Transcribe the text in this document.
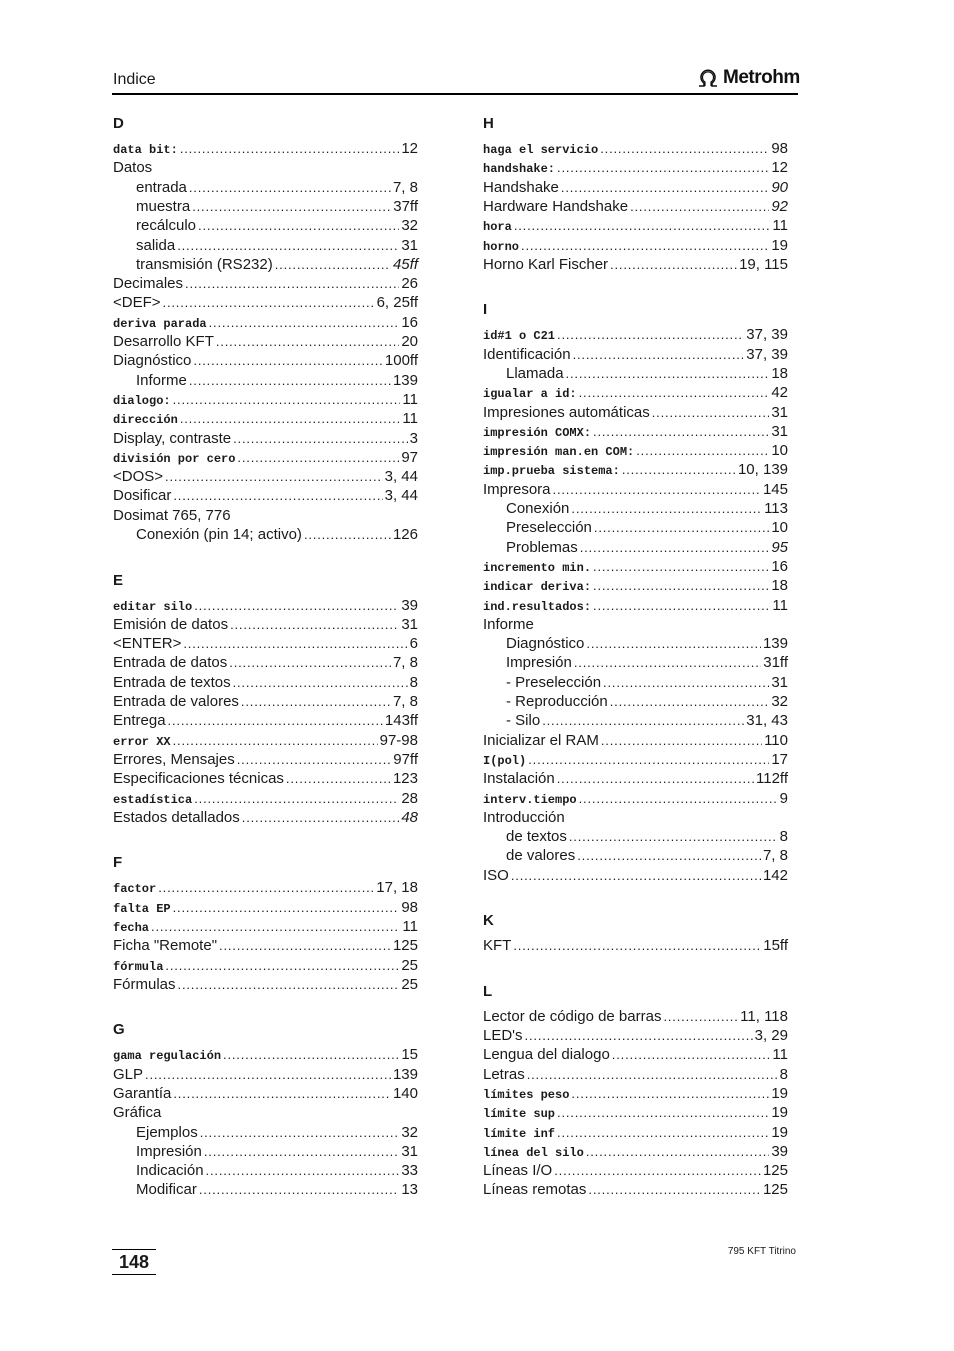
Indice	Metrohm
D
data bit: . . .	12
Datos
entrada . . .	7, 8
muestra . . .	37ff
recálculo . . .	32
salida . . .	31
transmisión (RS232) . . .	45ff
Decimales . . .	26
<DEF> . . .	6, 25ff
deriva parada . . .	16
Desarrollo KFT . . .	20
Diagnóstico . . .	100ff
Informe . . .	139
dialogo: . . .	11
dirección . . .	11
Display, contraste . . .	3
división por cero . . .	97
<DOS> . . .	3, 44
Dosificar . . .	3, 44
Dosimat 765, 776
Conexión (pin 14; activo) . . .	126
E
editar silo . . .	39
Emisión de datos . . .	31
<ENTER> . . .	6
Entrada de datos . . .	7, 8
Entrada de textos . . .	8
Entrada de valores . . .	7, 8
Entrega . . .	143ff
error XX . . .	97-98
Errores, Mensajes . . .	97ff
Especificaciones técnicas . . .	123
estadística . . .	28
Estados detallados . . .	48
F
factor . . .	17, 18
falta EP . . .	98
fecha . . .	11
Ficha "Remote" . . .	125
fórmula . . .	25
Fórmulas . . .	25
G
gama regulación . . .	15
GLP . . .	139
Garantía . . .	140
Gráfica
Ejemplos . . .	32
Impresión . . .	31
Indicación . . .	33
Modificar . . .	13
H
haga el servicio . . .	98
handshake: . . .	12
Handshake . . .	90
Hardware Handshake . . .	92
hora . . .	11
horno . . .	19
Horno Karl Fischer . . .	19, 115
I
id#1 o C21 . . .	37, 39
Identificación . . .	37, 39
Llamada . . .	18
igualar a id: . . .	42
Impresiones automáticas . . .	31
impresión COMX: . . .	31
impresión man.en COM: . . .	10
imp.prueba sistema: . . .	10, 139
Impresora . . .	145
Conexión . . .	113
Preselección . . .	10
Problemas . . .	95
incremento min. . . .	16
indicar deriva: . . .	18
ind.resultados: . . .	11
Informe
Diagnóstico . . .	139
Impresión . . .	31ff
- Preselección . . .	31
- Reproducción . . .	32
- Silo . . .	31, 43
Inicializar el RAM . . .	110
I(pol) . . .	17
Instalación . . .	112ff
interv.tiempo . . .	9
Introducción
de textos . . .	8
de valores . . .	7, 8
ISO . . .	142
K
KFT . . .	15ff
L
Lector de código de barras . . .	11, 118
LED's . . .	3, 29
Lengua del dialogo . . .	11
Letras . . .	8
límites peso . . .	19
límite sup . . .	19
límite inf . . .	19
línea del silo . . .	39
Líneas I/O . . .	125
Líneas remotas . . .	125
148
795 KFT Titrino
